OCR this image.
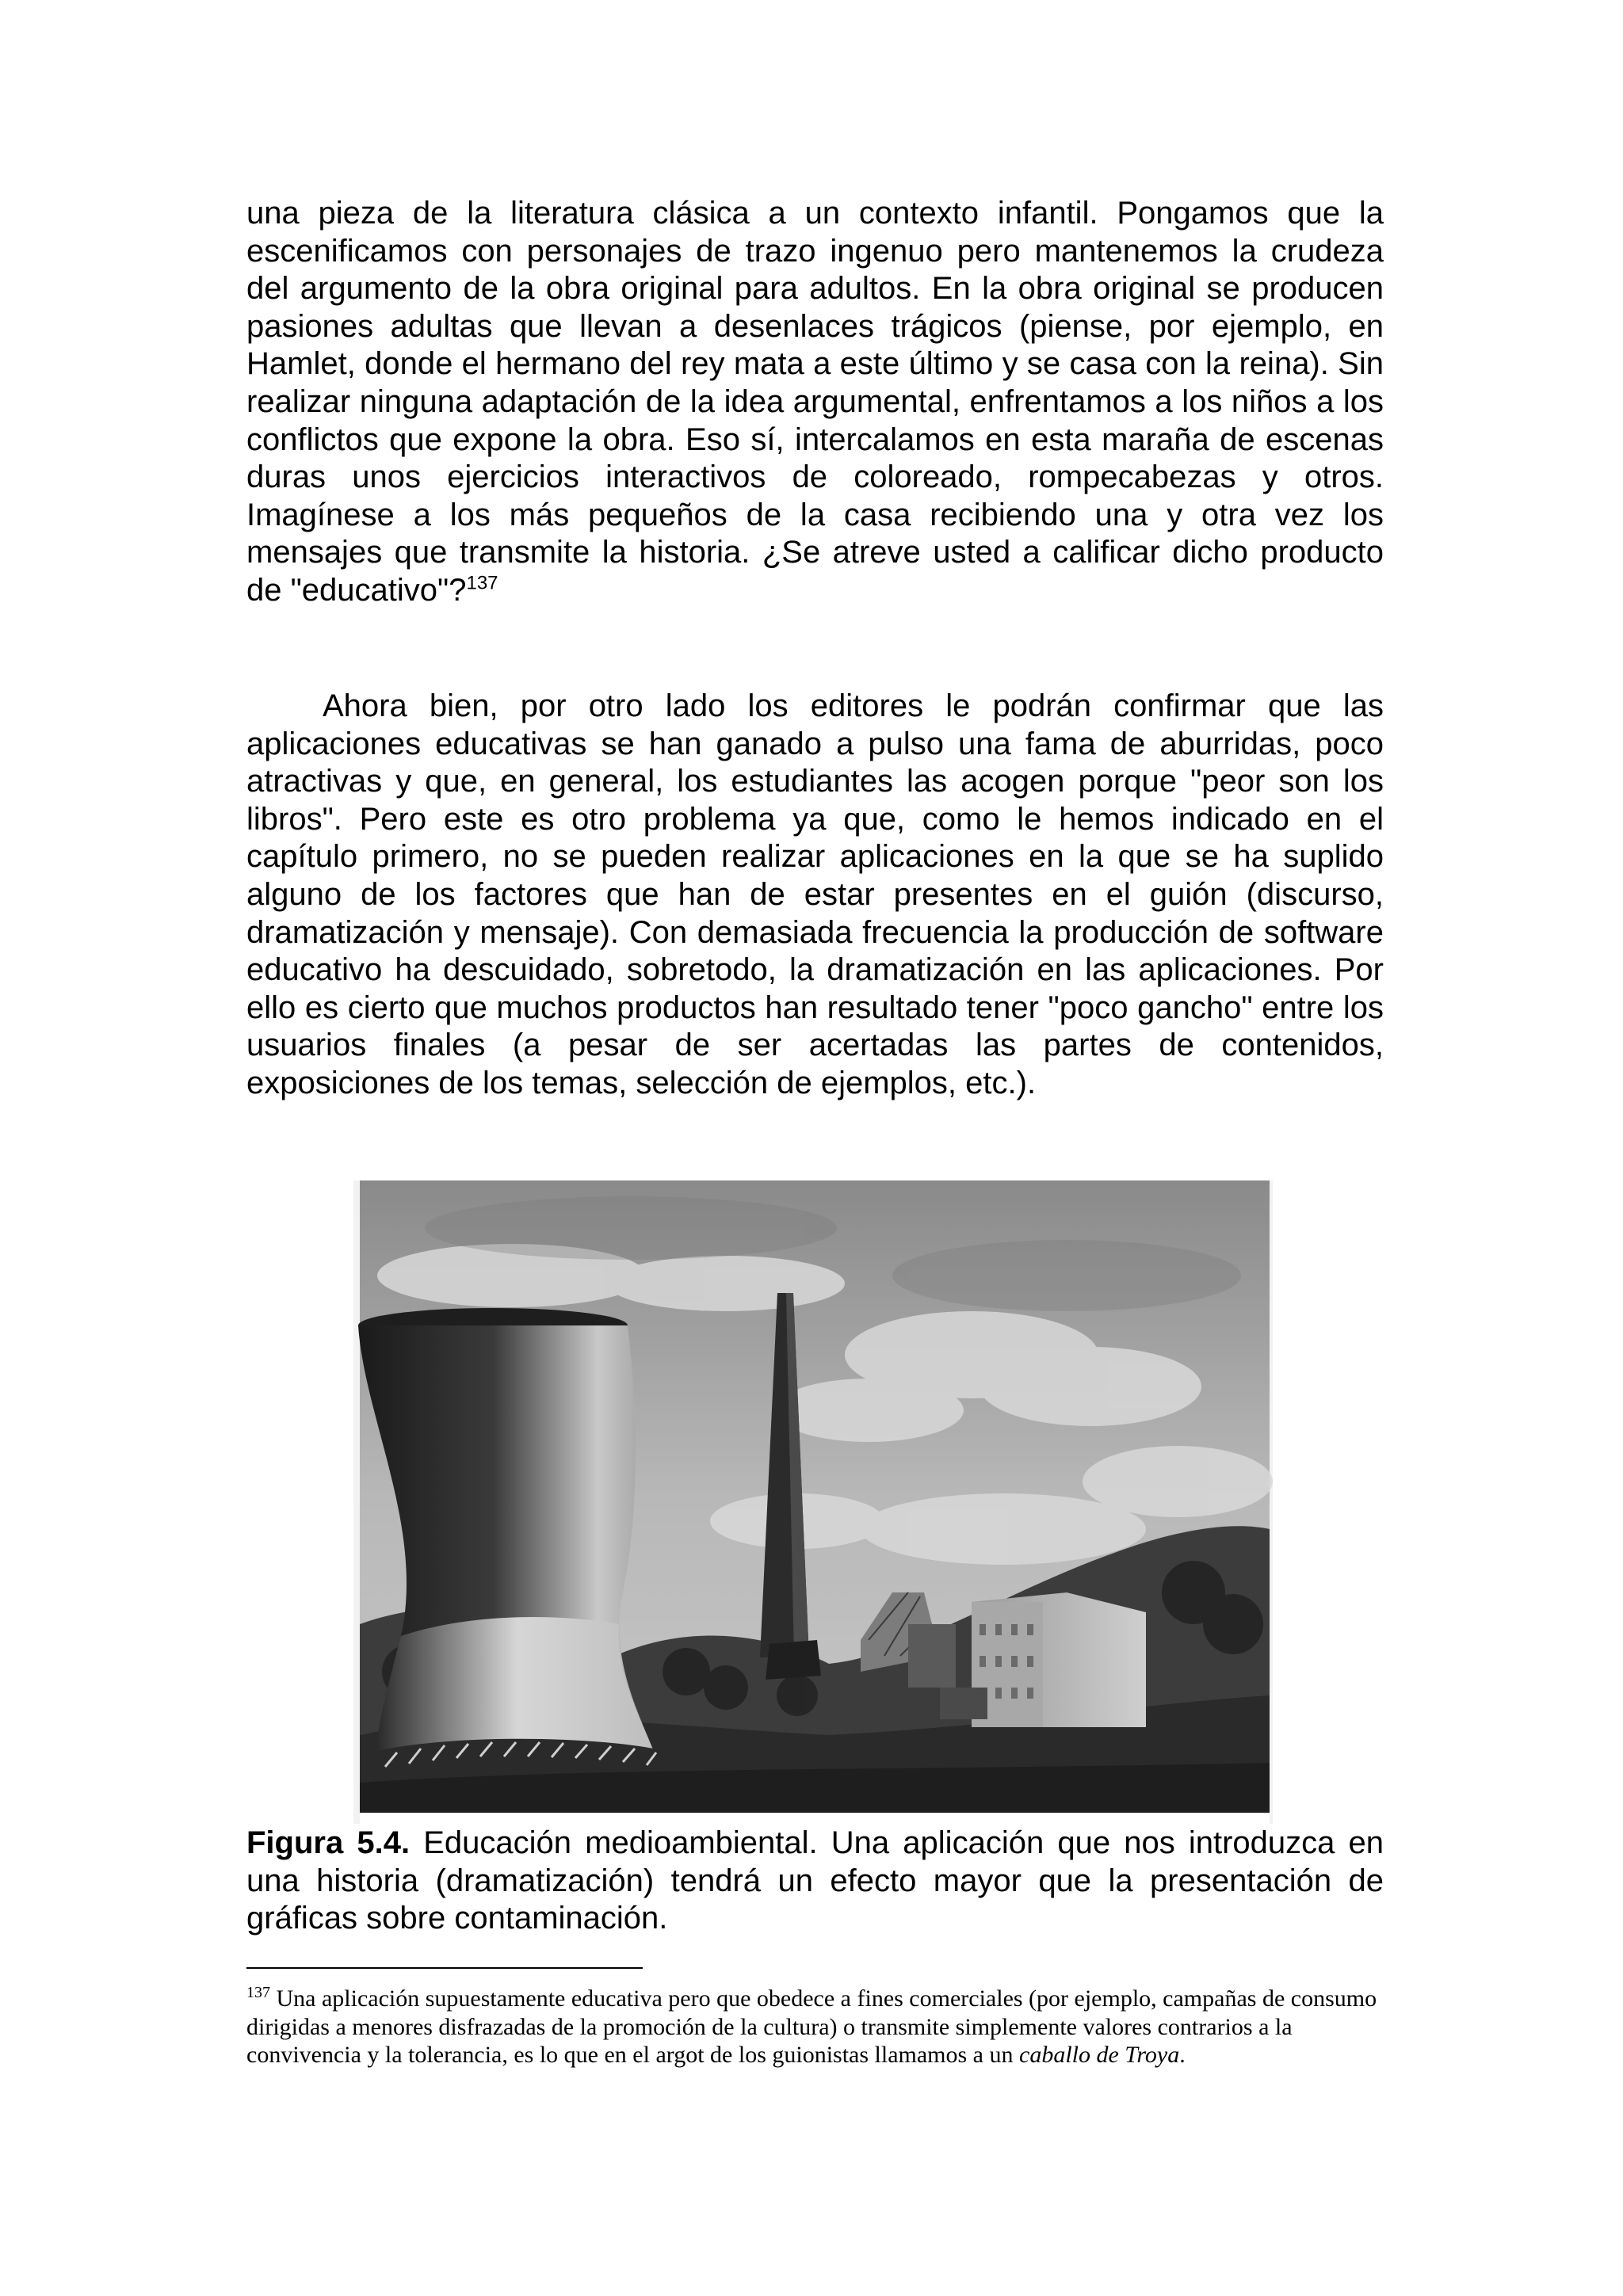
una pieza de la literatura clásica a un contexto infantil. Pongamos que la escenificamos con personajes de trazo ingenuo pero mantenemos la crudeza del argumento de la obra original para adultos. En la obra original se producen pasiones adultas que llevan a desenlaces trágicos (piense, por ejemplo, en Hamlet, donde el hermano del rey mata a este último y se casa con la reina). Sin realizar ninguna adaptación de la idea argumental, enfrentamos a los niños a los conflictos que expone la obra. Eso sí, intercalamos en esta maraña de escenas duras unos ejercicios interactivos de coloreado, rompecabezas y otros. Imagínese a los más pequeños de la casa recibiendo una y otra vez los mensajes que transmite la historia. ¿Se atreve usted a calificar dicho producto de "educativo"?$^{137}$

Ahora bien, por otro lado los editores le podrán confirmar que las aplicaciones educativas se han ganado a pulso una fama de aburridas, poco atractivas y que, en general, los estudiantes las acogen porque "peor son los libros". Pero este es otro problema ya que, como le hemos indicado en el capítulo primero, no se pueden realizar aplicaciones en la que se ha suplido alguno de los factores que han de estar presentes en el guión (discurso, dramatización y mensaje). Con demasiada frecuencia la producción de software educativo ha descuidado, sobretodo, la dramatización en las aplicaciones. Por ello es cierto que muchos productos han resultado tener "poco gancho" entre los usuarios finales (a pesar de ser acertadas las partes de contenidos, exposiciones de los temas, selección de ejemplos, etc.).

Figura 5.4. Educación medioambiental. Una aplicación que nos introduzca en una historia (dramatización) tendrá un efecto mayor que la presentación de gráficas sobre contaminación.
$^{137}$ Una aplicación supuestamente educativa pero que obedece a fines comerciales (por ejemplo, campañas de consumo dirigidas a menores disfrazadas de la promoción de la cultura) o transmite simplemente valores contrarios a la convivencia y la tolerancia, es lo que en el argot de los guionistas llamamos a un caballo de Troya.
